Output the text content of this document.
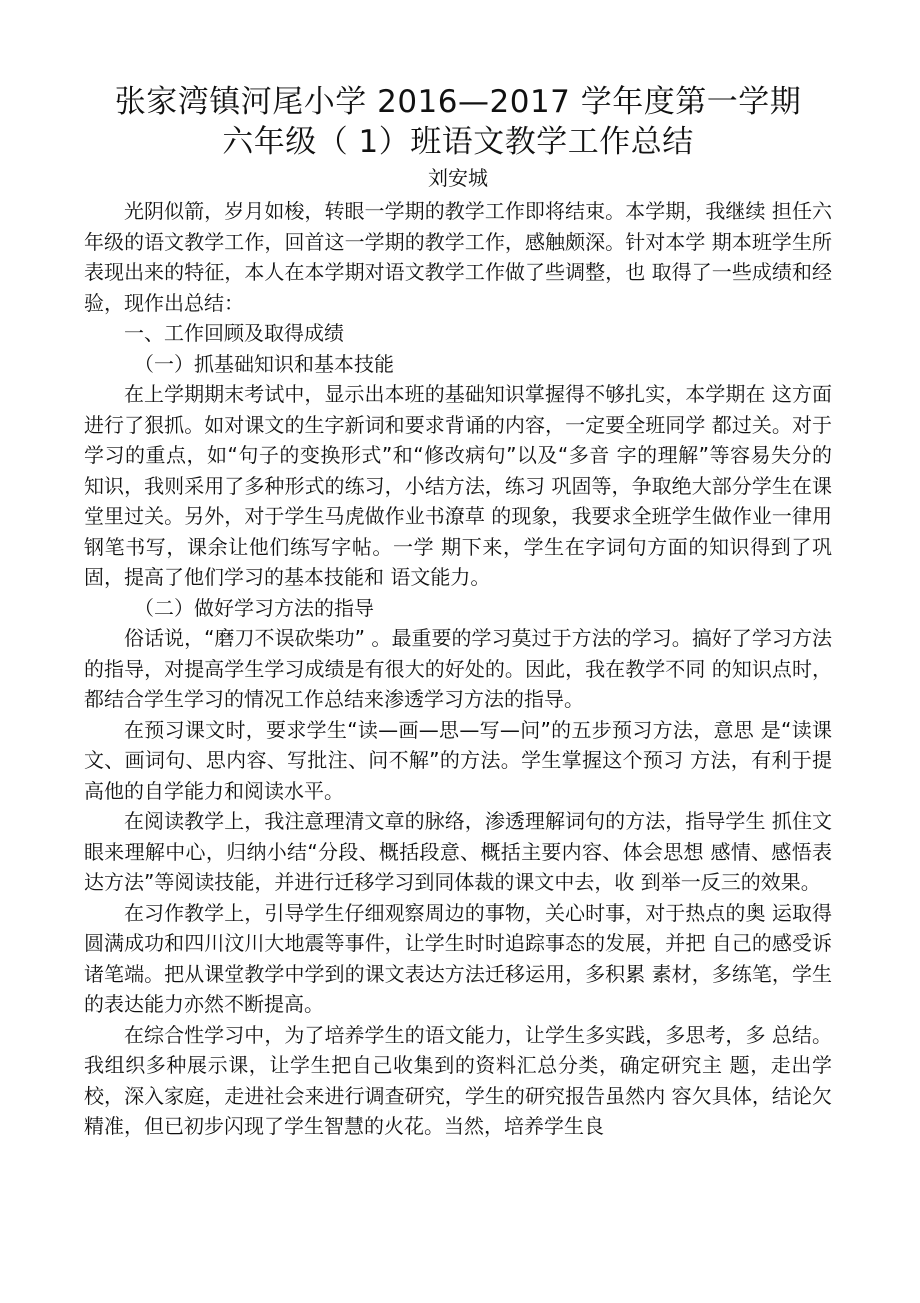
张家湾镇河尾小学 2016—2017 学年度第一学期
六年级（ 1）班语文教学工作总结
刘安城

光阴似箭，岁月如梭，转眼一学期的教学工作即将结束。本学期，我继续 担任六年级的语文教学工作，回首这一学期的教学工作，感触颇深。针对本学 期本班学生所表现出来的特征，本人在本学期对语文教学工作做了些调整，也 取得了一些成绩和经验，现作出总结：

一、工作回顾及取得成绩

（一）抓基础知识和基本技能

在上学期期末考试中，显示出本班的基础知识掌握得不够扎实，本学期在 这方面进行了狠抓。如对课文的生字新词和要求背诵的内容，一定要全班同学 都过关。对于学习的重点，如“句子的变换形式”和“修改病句”以及“多音 字的理解”等容易失分的知识，我则采用了多种形式的练习，小结方法，练习 巩固等，争取绝大部分学生在课堂里过关。另外，对于学生马虎做作业书潦草 的现象，我要求全班学生做作业一律用钢笔书写，课余让他们练写字帖。一学 期下来，学生在字词句方面的知识得到了巩固，提高了他们学习的基本技能和 语文能力。

（二）做好学习方法的指导

俗话说，“磨刀不误砍柴功” 。最重要的学习莫过于方法的学习。搞好了学习方法的指导，对提高学生学习成绩是有很大的好处的。因此，我在教学不同 的知识点时，都结合学生学习的情况工作总结来渗透学习方法的指导。

在预习课文时，要求学生“读—画—思—写—问”的五步预习方法，意思 是“读课文、画词句、思内容、写批注、问不解”的方法。学生掌握这个预习 方法，有利于提高他的自学能力和阅读水平。

在阅读教学上，我注意理清文章的脉络，渗透理解词句的方法，指导学生 抓住文眼来理解中心，归纳小结“分段、概括段意、概括主要内容、体会思想 感情、感悟表达方法”等阅读技能，并进行迁移学习到同体裁的课文中去，收 到举一反三的效果。

在习作教学上，引导学生仔细观察周边的事物，关心时事，对于热点的奥 运取得圆满成功和四川汶川大地震等事件，让学生时时追踪事态的发展，并把 自己的感受诉诸笔端。把从课堂教学中学到的课文表达方法迁移运用，多积累 素材，多练笔，学生的表达能力亦然不断提高。

在综合性学习中，为了培养学生的语文能力，让学生多实践，多思考，多 总结。我组织多种展示课，让学生把自己收集到的资料汇总分类，确定研究主 题，走出学校，深入家庭，走进社会来进行调查研究，学生的研究报告虽然内 容欠具体，结论欠精准，但已初步闪现了学生智慧的火花。当然，培养学生良
